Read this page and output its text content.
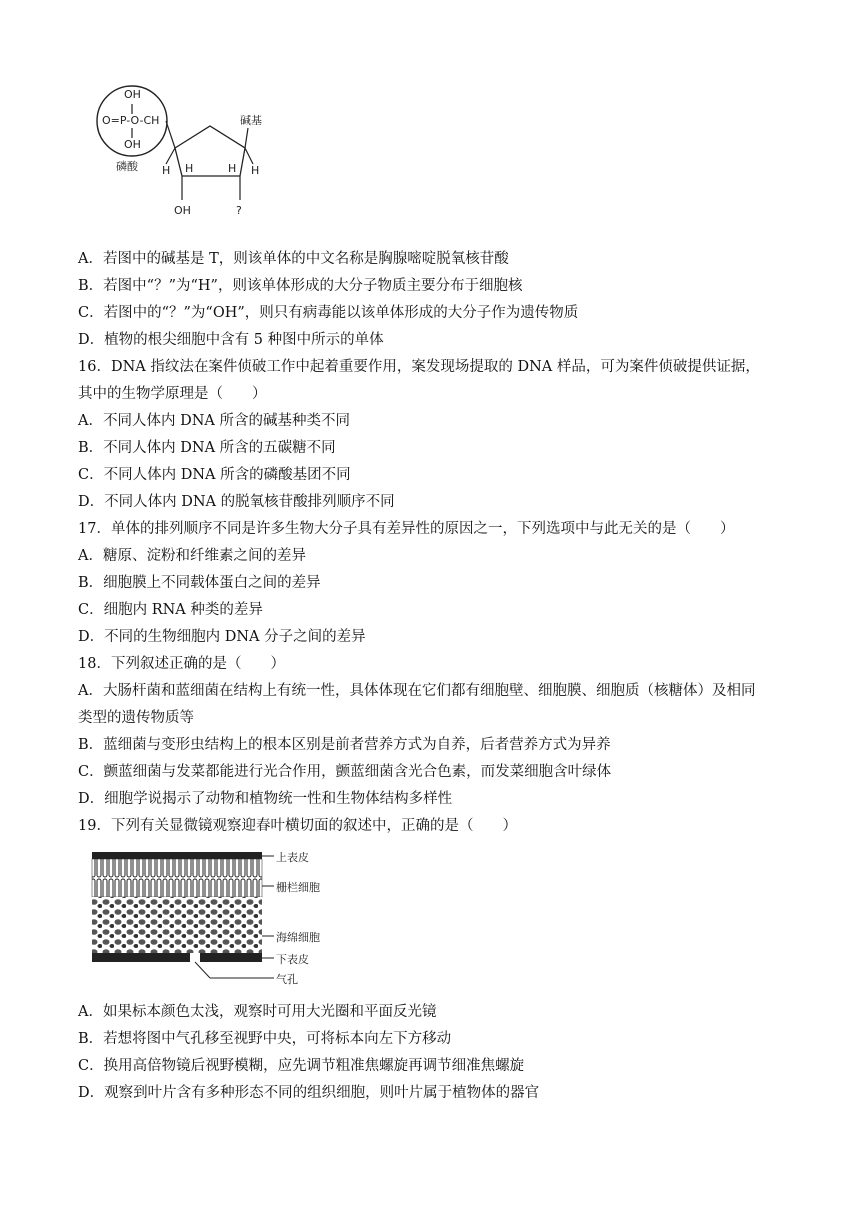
OH
O=P-O-CH
OH
磷酸
碱基
H H	H H
OH	?
A．若图中的碱基是 T，则该单体的中文名称是胸腺嘧啶脱氧核苷酸
B．若图中“？”为“H”，则该单体形成的大分子物质主要分布于细胞核
C．若图中的“？”为“OH”，则只有病毒能以该单体形成的大分子作为遗传物质
D．植物的根尖细胞中含有 5 种图中所示的单体
16．DNA 指纹法在案件侦破工作中起着重要作用，案发现场提取的 DNA 样品，可为案件侦破提供证据，
其中的生物学原理是（　　）
A．不同人体内 DNA 所含的碱基种类不同
B．不同人体内 DNA 所含的五碳糖不同
C．不同人体内 DNA 所含的磷酸基团不同
D．不同人体内 DNA 的脱氧核苷酸排列顺序不同
17．单体的排列顺序不同是许多生物大分子具有差异性的原因之一，下列选项中与此无关的是（　　）
A．糖原、淀粉和纤维素之间的差异
B．细胞膜上不同载体蛋白之间的差异
C．细胞内 RNA 种类的差异
D．不同的生物细胞内 DNA 分子之间的差异
18．下列叙述正确的是（　　）
A．大肠杆菌和蓝细菌在结构上有统一性，具体体现在它们都有细胞壁、细胞膜、细胞质（核糖体）及相同
类型的遗传物质等
B．蓝细菌与变形虫结构上的根本区别是前者营养方式为自养，后者营养方式为异养
C．颤蓝细菌与发菜都能进行光合作用，颤蓝细菌含光合色素，而发菜细胞含叶绿体
D．细胞学说揭示了动物和植物统一性和生物体结构多样性
19．下列有关显微镜观察迎春叶横切面的叙述中，正确的是（　　）
上表皮
栅栏细胞
海绵细胞
下表皮
气孔
A．如果标本颜色太浅，观察时可用大光圈和平面反光镜
B．若想将图中气孔移至视野中央，可将标本向左下方移动
C．换用高倍物镜后视野模糊，应先调节粗准焦螺旋再调节细准焦螺旋
D．观察到叶片含有多种形态不同的组织细胞，则叶片属于植物体的器官
